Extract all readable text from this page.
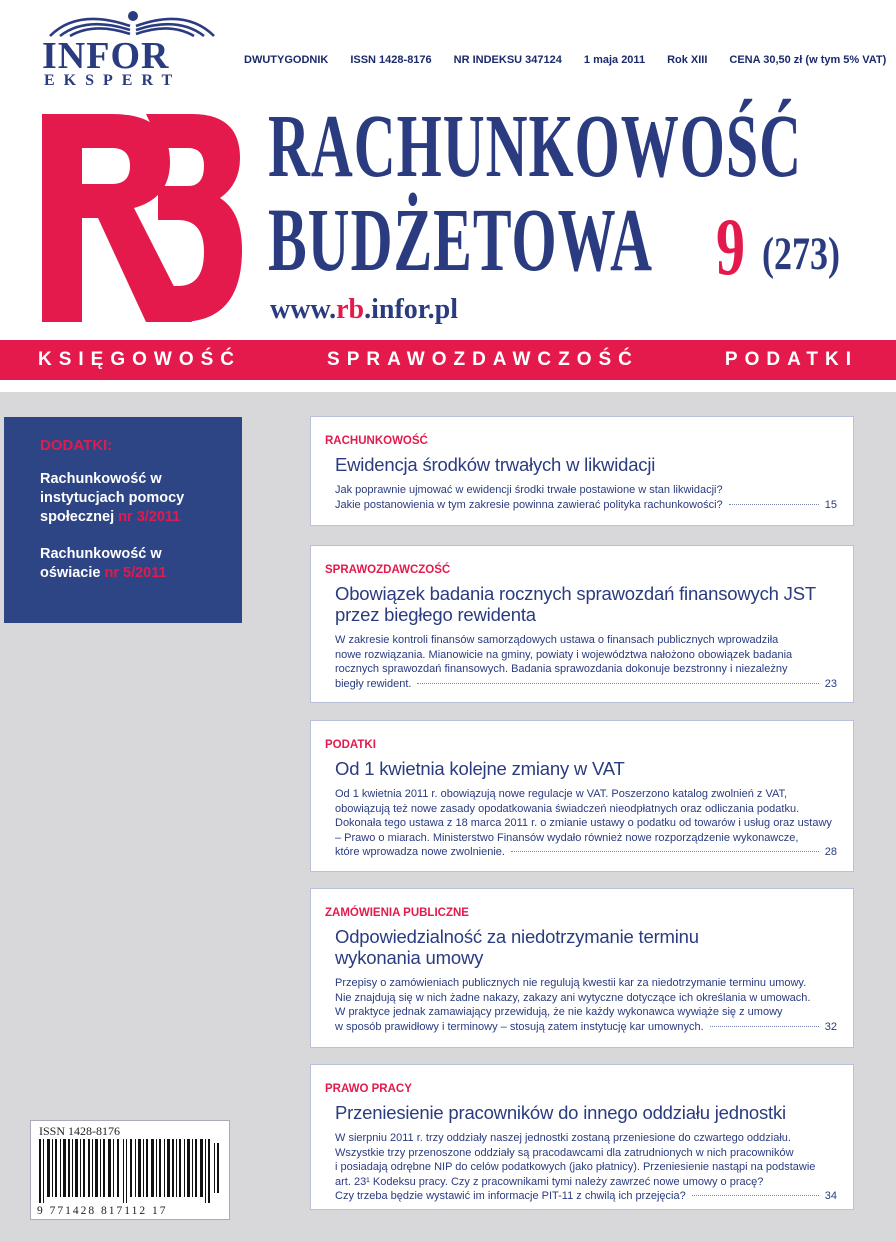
INFOR
EKSPERT
DWUTYGODNIK ISSN 1428-8176 NR INDEKSU 347124 1 maja 2011 Rok XIII CENA 30,50 zł (w tym 5% VAT)
RACHUNKOWOŚĆ
BUDŻETOWA 9 (273)
www.rb.infor.pl
KSIĘGOWOŚĆ	SPRAWOZDAWCZOŚĆ	PODATKI
DODATKI:
Rachunkowość w instytucjach pomocy społecznej nr 3/2011
Rachunkowość w oświacie nr 5/2011
RACHUNKOWOŚĆ
Ewidencja środków trwałych w likwidacji
Jak poprawnie ujmować w ewidencji środki trwałe postawione w stan likwidacji?
Jakie postanowienia w tym zakresie powinna zawierać polityka rachunkowości?	15
SPRAWOZDAWCZOŚĆ
Obowiązek badania rocznych sprawozdań finansowych JST przez biegłego rewidenta
W zakresie kontroli finansów samorządowych ustawa o finansach publicznych wprowadziła
nowe rozwiązania. Mianowicie na gminy, powiaty i województwa nałożono obowiązek badania
rocznych sprawozdań finansowych. Badania sprawozdania dokonuje bezstronny i niezależny
biegły rewident.	23
PODATKI
Od 1 kwietnia kolejne zmiany w VAT
Od 1 kwietnia 2011 r. obowiązują nowe regulacje w VAT. Poszerzono katalog zwolnień z VAT,
obowiązują też nowe zasady opodatkowania świadczeń nieodpłatnych oraz odliczania podatku.
Dokonała tego ustawa z 18 marca 2011 r. o zmianie ustawy o podatku od towarów i usług oraz ustawy
– Prawo o miarach. Ministerstwo Finansów wydało również nowe rozporządzenie wykonawcze,
które wprowadza nowe zwolnienie.	28
ZAMÓWIENIA PUBLICZNE
Odpowiedzialność za niedotrzymanie terminu wykonania umowy
Przepisy o zamówieniach publicznych nie regulują kwestii kar za niedotrzymanie terminu umowy.
Nie znajdują się w nich żadne nakazy, zakazy ani wytyczne dotyczące ich określania w umowach.
W praktyce jednak zamawiający przewidują, że nie każdy wykonawca wywiąże się z umowy
w sposób prawidłowy i terminowy – stosują zatem instytucję kar umownych.	32
PRAWO PRACY
Przeniesienie pracowników do innego oddziału jednostki
W sierpniu 2011 r. trzy oddziały naszej jednostki zostaną przeniesione do czwartego oddziału.
Wszystkie trzy przenoszone oddziały są pracodawcami dla zatrudnionych w nich pracowników
i posiadają odrębne NIP do celów podatkowych (jako płatnicy). Przeniesienie nastąpi na podstawie
art. 23¹ Kodeksu pracy. Czy z pracownikami tymi należy zawrzeć nowe umowy o pracę?
Czy trzeba będzie wystawić im informacje PIT-11 z chwilą ich przejęcia?	34
ISSN 1428-8176
9 771428 817112 17
